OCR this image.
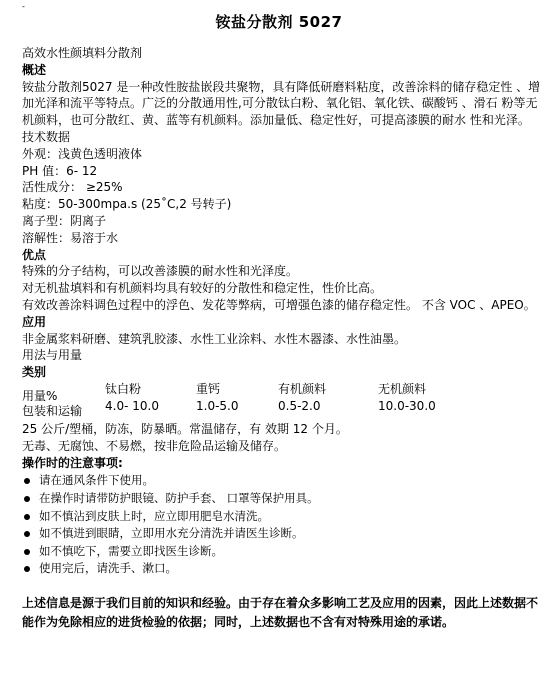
-
铵盐分散剂 5027

高效水性颜填料分散剂

概述

铵盐分散剂5027 是一种改性胺盐嵌段共聚物，具有降低研磨料粘度，改善涂料的储存稳定性 、增加光泽和流平等特点。广泛的分散通用性,可分散钛白粉、氧化铝、氧化铁、碳酸钙 、滑石 粉等无机颜料，也可分散红、黄、蓝等有机颜料。添加量低、稳定性好，可提高漆膜的耐水 性和光泽。

技术数据

外观：浅黄色透明液体

PH 值：6- 12

活性成分： ≥25%

粘度：50-300mpa.s (25˚C,2 号转子)

离子型：阴离子

溶解性：易溶于水

优点

特殊的分子结构，可以改善漆膜的耐水性和光泽度。

对无机盐填料和有机颜料均具有较好的分散性和稳定性，性价比高。

有效改善涂料调色过程中的浮色、发花等弊病，可增强色漆的储存稳定性。 不含 VOC 、APEO。

应用

非金属浆料研磨、建筑乳胶漆、水性工业涂料、水性木器漆、水性油墨。

用法与用量

类别

用量%	钛白粉	重钙	有机颜料	无机颜料
包装和运输 4.0- 10.0	1.0-5.0	0.5-2.0	10.0-30.0

25 公斤/塑桶，防冻，防暴晒。常温储存，有 效期 12 个月。

无毒、无腐蚀、不易燃，按非危险品运输及储存。

操作时的注意事项:

请在通风条件下使用。
在操作时请带防护眼镜、防护手套、 口罩等保护用具。
如不慎沾到皮肤上时，应立即用肥皂水清洗。
如不慎进到眼睛，立即用水充分清洗并请医生诊断。
如不慎吃下，需要立即找医生诊断。
使用完后，请洗手、漱口。

上述信息是源于我们目前的知识和经验。由于存在着众多影响工艺及应用的因素，因此上述数据不能作为免除相应的进货检验的依据；同时，上述数据也不含有对特殊用途的承诺。
